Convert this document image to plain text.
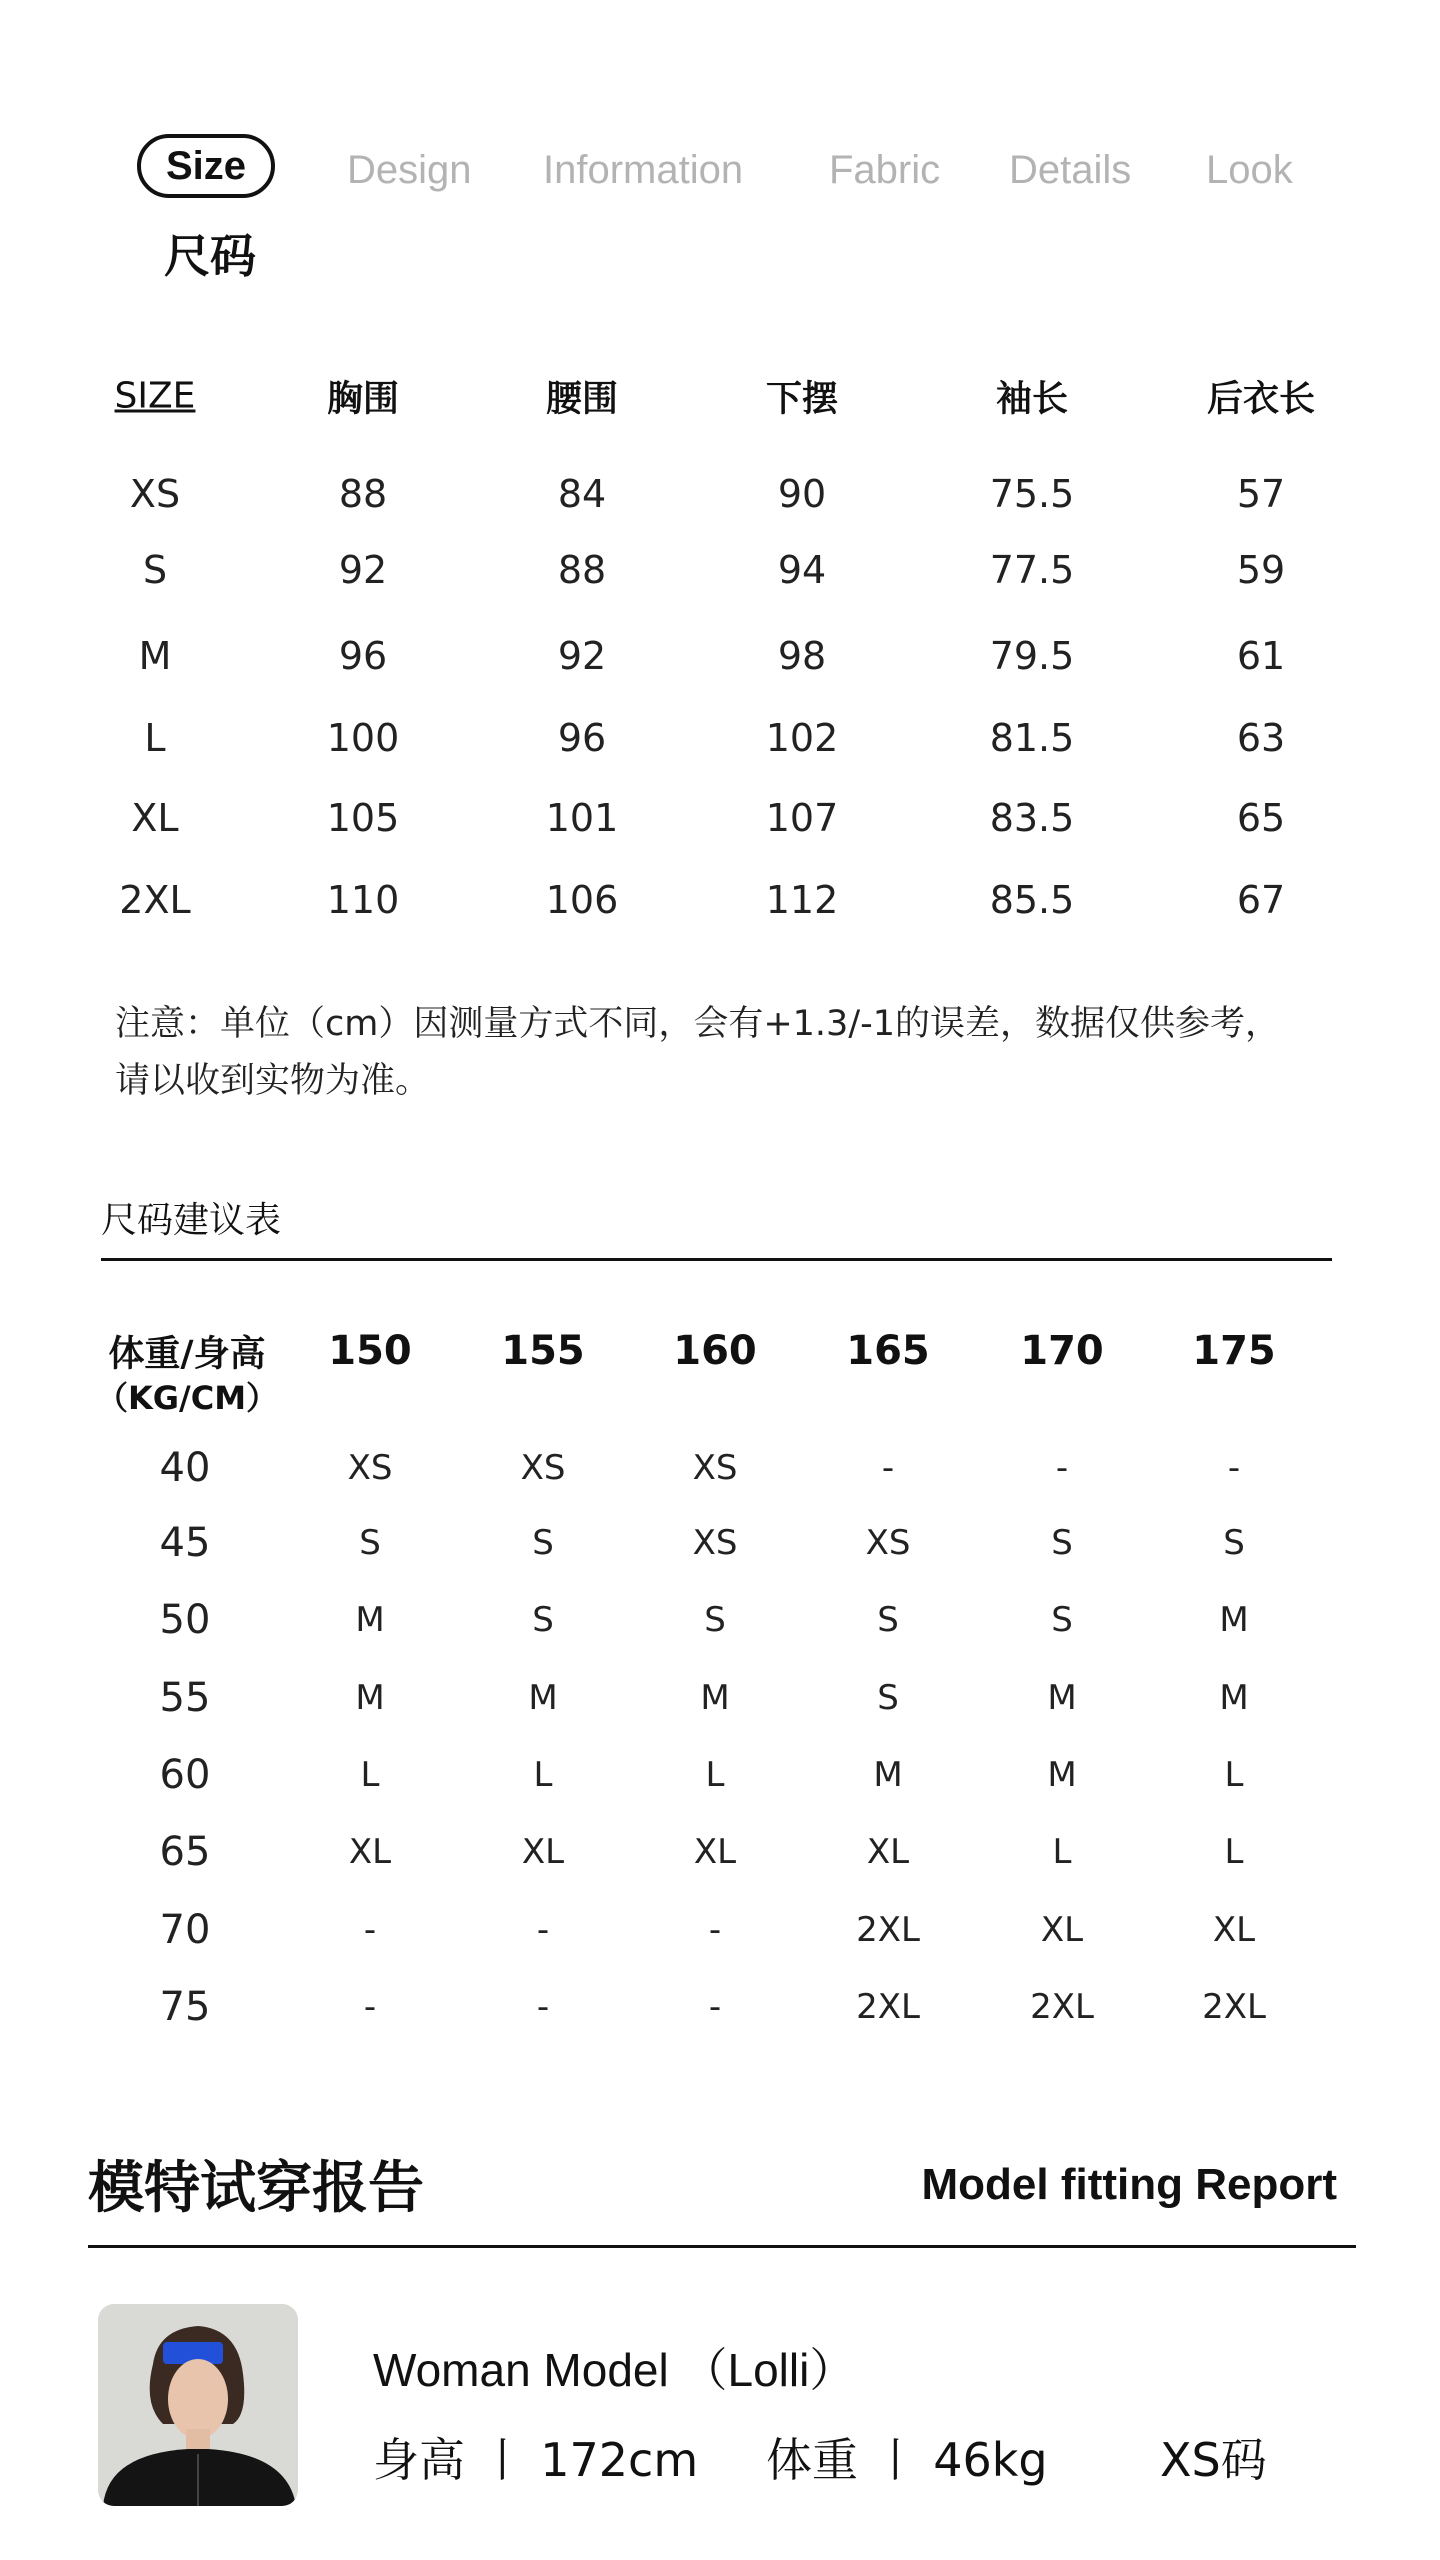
Size	Design Information Fabric Details Look
尺码
SIZE	胸围	腰围	下摆	袖长	后衣长
XS	88	84	90	75.5	57
S	92	88	94	77.5	59
M	96	92	98	79.5	61
L	100	96	102	81.5	63
XL	105	101	107	83.5	65
2XL	110	106	112	85.5	67
注意：单位（cm）因测量方式不同，会有+1.3/-1的误差，数据仅供参考，
请以收到实物为准。
尺码建议表
体重/身高
（KG/CM）
150 155 160 165 170 175
40	XS	XS	XS	-	-	-
45	S	S	XS	XS	S	S
50	M	S	S	S	S	M
55	M	M	M	S	M	M
60	L	L	L	M	M	L
65	XL	XL	XL	XL	L	L
70	-	-	-	2XL	XL	XL
75	-	-	-	2XL	2XL	2XL
模特试穿报告	Model fitting Report
Woman Model （Lolli）
身高 丨 172cm 体重 丨 46kg XS码
